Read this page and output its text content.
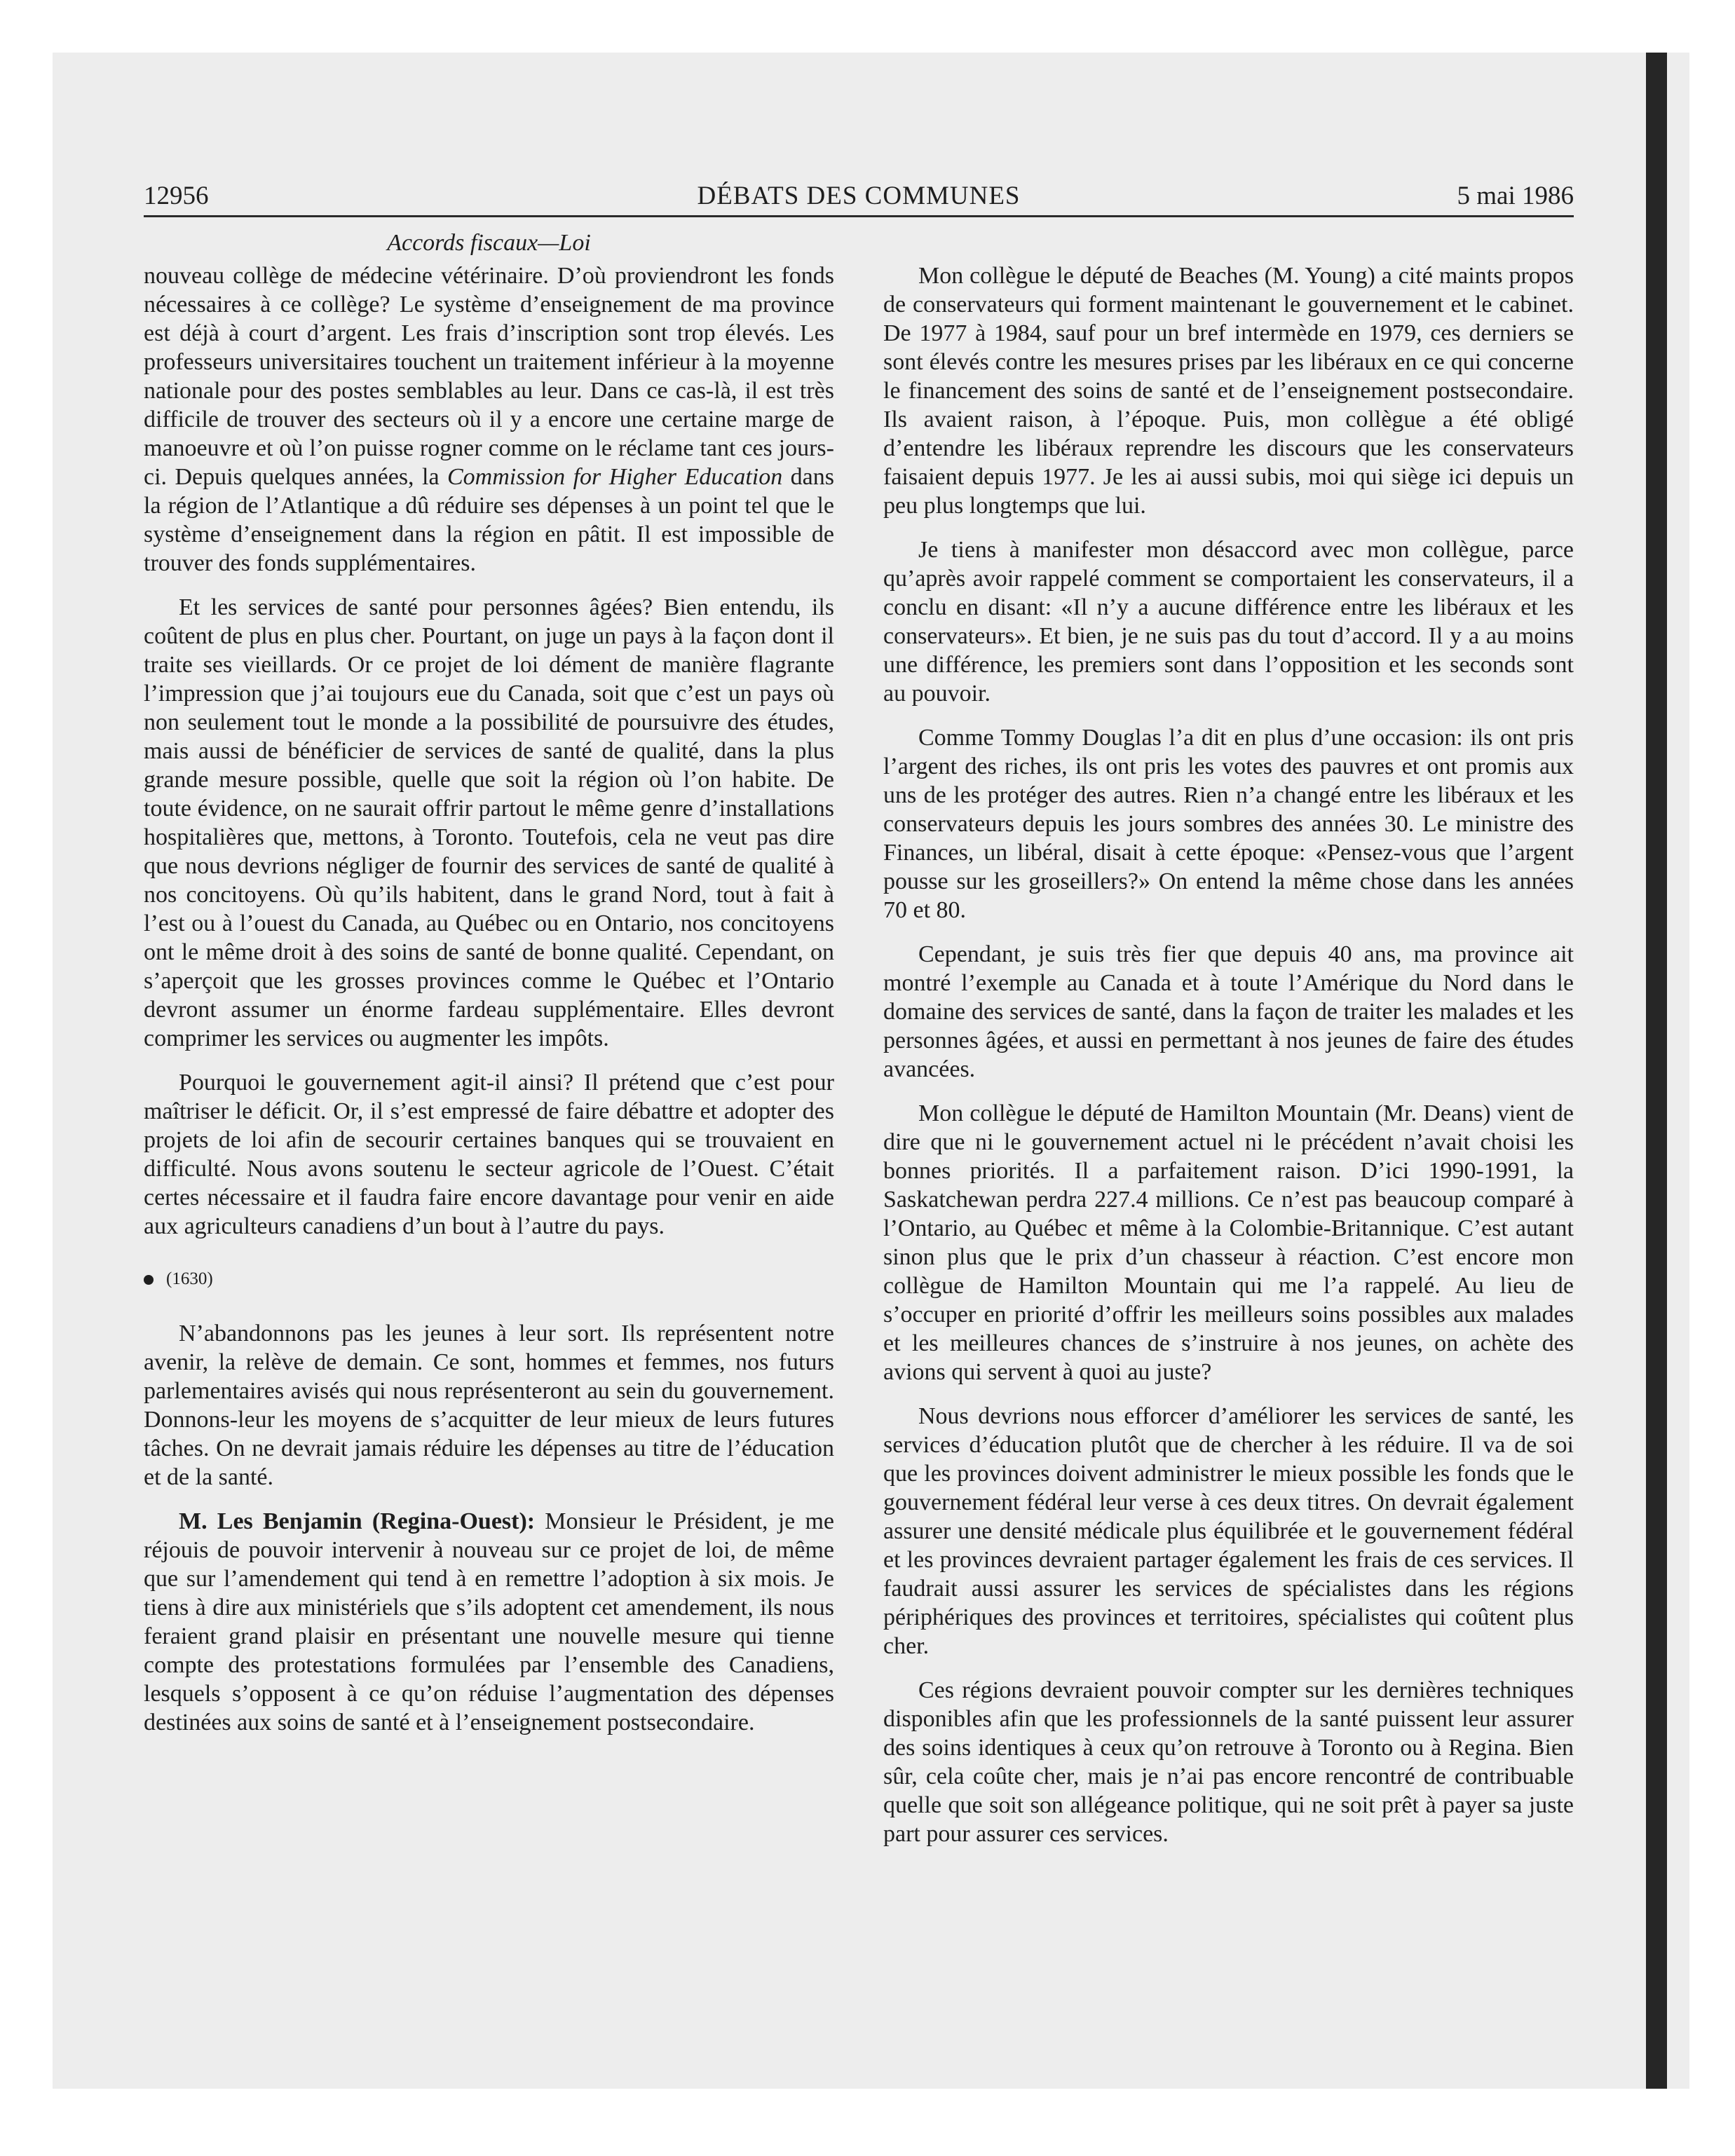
DÉBATS DES COMMUNES
12956	5 mai 1986
Accords fiscaux—Loi

nouveau collège de médecine vétérinaire. D’où proviendront les fonds nécessaires à ce collège? Le système d’enseignement de ma province est déjà à court d’argent. Les frais d’inscription sont trop élevés. Les professeurs universitaires touchent un traitement inférieur à la moyenne nationale pour des postes semblables au leur. Dans ce cas-là, il est très difficile de trouver des secteurs où il y a encore une certaine marge de manoeuvre et où l’on puisse rogner comme on le réclame tant ces jours-ci. Depuis quelques années, la Commission for Higher Education dans la région de l’Atlantique a dû réduire ses dépenses à un point tel que le système d’enseignement dans la région en pâtit. Il est impossible de trouver des fonds supplémentaires.

Et les services de santé pour personnes âgées? Bien entendu, ils coûtent de plus en plus cher. Pourtant, on juge un pays à la façon dont il traite ses vieillards. Or ce projet de loi dément de manière flagrante l’impression que j’ai toujours eue du Canada, soit que c’est un pays où non seulement tout le monde a la possibilité de poursuivre des études, mais aussi de bénéficier de services de santé de qualité, dans la plus grande mesure possible, quelle que soit la région où l’on habite. De toute évidence, on ne saurait offrir partout le même genre d’installations hospitalières que, mettons, à Toronto. Toutefois, cela ne veut pas dire que nous devrions négliger de fournir des services de santé de qualité à nos concitoyens. Où qu’ils habitent, dans le grand Nord, tout à fait à l’est ou à l’ouest du Canada, au Québec ou en Ontario, nos concitoyens ont le même droit à des soins de santé de bonne qualité. Cependant, on s’aperçoit que les grosses provinces comme le Québec et l’Ontario devront assumer un énorme fardeau supplémentaire. Elles devront comprimer les services ou augmenter les impôts.

Pourquoi le gouvernement agit-il ainsi? Il prétend que c’est pour maîtriser le déficit. Or, il s’est empressé de faire débattre et adopter des projets de loi afin de secourir certaines banques qui se trouvaient en difficulté. Nous avons soutenu le secteur agricole de l’Ouest. C’était certes nécessaire et il faudra faire encore davantage pour venir en aide aux agriculteurs canadiens d’un bout à l’autre du pays.

(1630)

N’abandonnons pas les jeunes à leur sort. Ils représentent notre avenir, la relève de demain. Ce sont, hommes et femmes, nos futurs parlementaires avisés qui nous représenteront au sein du gouvernement. Donnons-leur les moyens de s’acquitter de leur mieux de leurs futures tâches. On ne devrait jamais réduire les dépenses au titre de l’éducation et de la santé.

M. Les Benjamin (Regina-Ouest): Monsieur le Président, je me réjouis de pouvoir intervenir à nouveau sur ce projet de loi, de même que sur l’amendement qui tend à en remettre l’adoption à six mois. Je tiens à dire aux ministériels que s’ils adoptent cet amendement, ils nous feraient grand plaisir en présentant une nouvelle mesure qui tienne compte des protestations formulées par l’ensemble des Canadiens, lesquels s’opposent à ce qu’on réduise l’augmentation des dépenses destinées aux soins de santé et à l’enseignement postsecondaire.

Mon collègue le député de Beaches (M. Young) a cité maints propos de conservateurs qui forment maintenant le gouvernement et le cabinet. De 1977 à 1984, sauf pour un bref intermède en 1979, ces derniers se sont élevés contre les mesures prises par les libéraux en ce qui concerne le financement des soins de santé et de l’enseignement postsecondaire. Ils avaient raison, à l’époque. Puis, mon collègue a été obligé d’entendre les libéraux reprendre les discours que les conservateurs faisaient depuis 1977. Je les ai aussi subis, moi qui siège ici depuis un peu plus longtemps que lui.

Je tiens à manifester mon désaccord avec mon collègue, parce qu’après avoir rappelé comment se comportaient les conservateurs, il a conclu en disant: «Il n’y a aucune différence entre les libéraux et les conservateurs». Et bien, je ne suis pas du tout d’accord. Il y a au moins une différence, les premiers sont dans l’opposition et les seconds sont au pouvoir.

Comme Tommy Douglas l’a dit en plus d’une occasion: ils ont pris l’argent des riches, ils ont pris les votes des pauvres et ont promis aux uns de les protéger des autres. Rien n’a changé entre les libéraux et les conservateurs depuis les jours sombres des années 30. Le ministre des Finances, un libéral, disait à cette époque: «Pensez-vous que l’argent pousse sur les groseillers?» On entend la même chose dans les années 70 et 80.

Cependant, je suis très fier que depuis 40 ans, ma province ait montré l’exemple au Canada et à toute l’Amérique du Nord dans le domaine des services de santé, dans la façon de traiter les malades et les personnes âgées, et aussi en permettant à nos jeunes de faire des études avancées.

Mon collègue le député de Hamilton Mountain (Mr. Deans) vient de dire que ni le gouvernement actuel ni le précédent n’avait choisi les bonnes priorités. Il a parfaitement raison. D’ici 1990-1991, la Saskatchewan perdra 227.4 millions. Ce n’est pas beaucoup comparé à l’Ontario, au Québec et même à la Colombie-Britannique. C’est autant sinon plus que le prix d’un chasseur à réaction. C’est encore mon collègue de Hamilton Mountain qui me l’a rappelé. Au lieu de s’occuper en priorité d’offrir les meilleurs soins possibles aux malades et les meilleures chances de s’instruire à nos jeunes, on achète des avions qui servent à quoi au juste?

Nous devrions nous efforcer d’améliorer les services de santé, les services d’éducation plutôt que de chercher à les réduire. Il va de soi que les provinces doivent administrer le mieux possible les fonds que le gouvernement fédéral leur verse à ces deux titres. On devrait également assurer une densité médicale plus équilibrée et le gouvernement fédéral et les provinces devraient partager également les frais de ces services. Il faudrait aussi assurer les services de spécialistes dans les régions périphériques des provinces et territoires, spécialistes qui coûtent plus cher.

Ces régions devraient pouvoir compter sur les dernières techniques disponibles afin que les professionnels de la santé puissent leur assurer des soins identiques à ceux qu’on retrouve à Toronto ou à Regina. Bien sûr, cela coûte cher, mais je n’ai pas encore rencontré de contribuable quelle que soit son allégeance politique, qui ne soit prêt à payer sa juste part pour assurer ces services.
